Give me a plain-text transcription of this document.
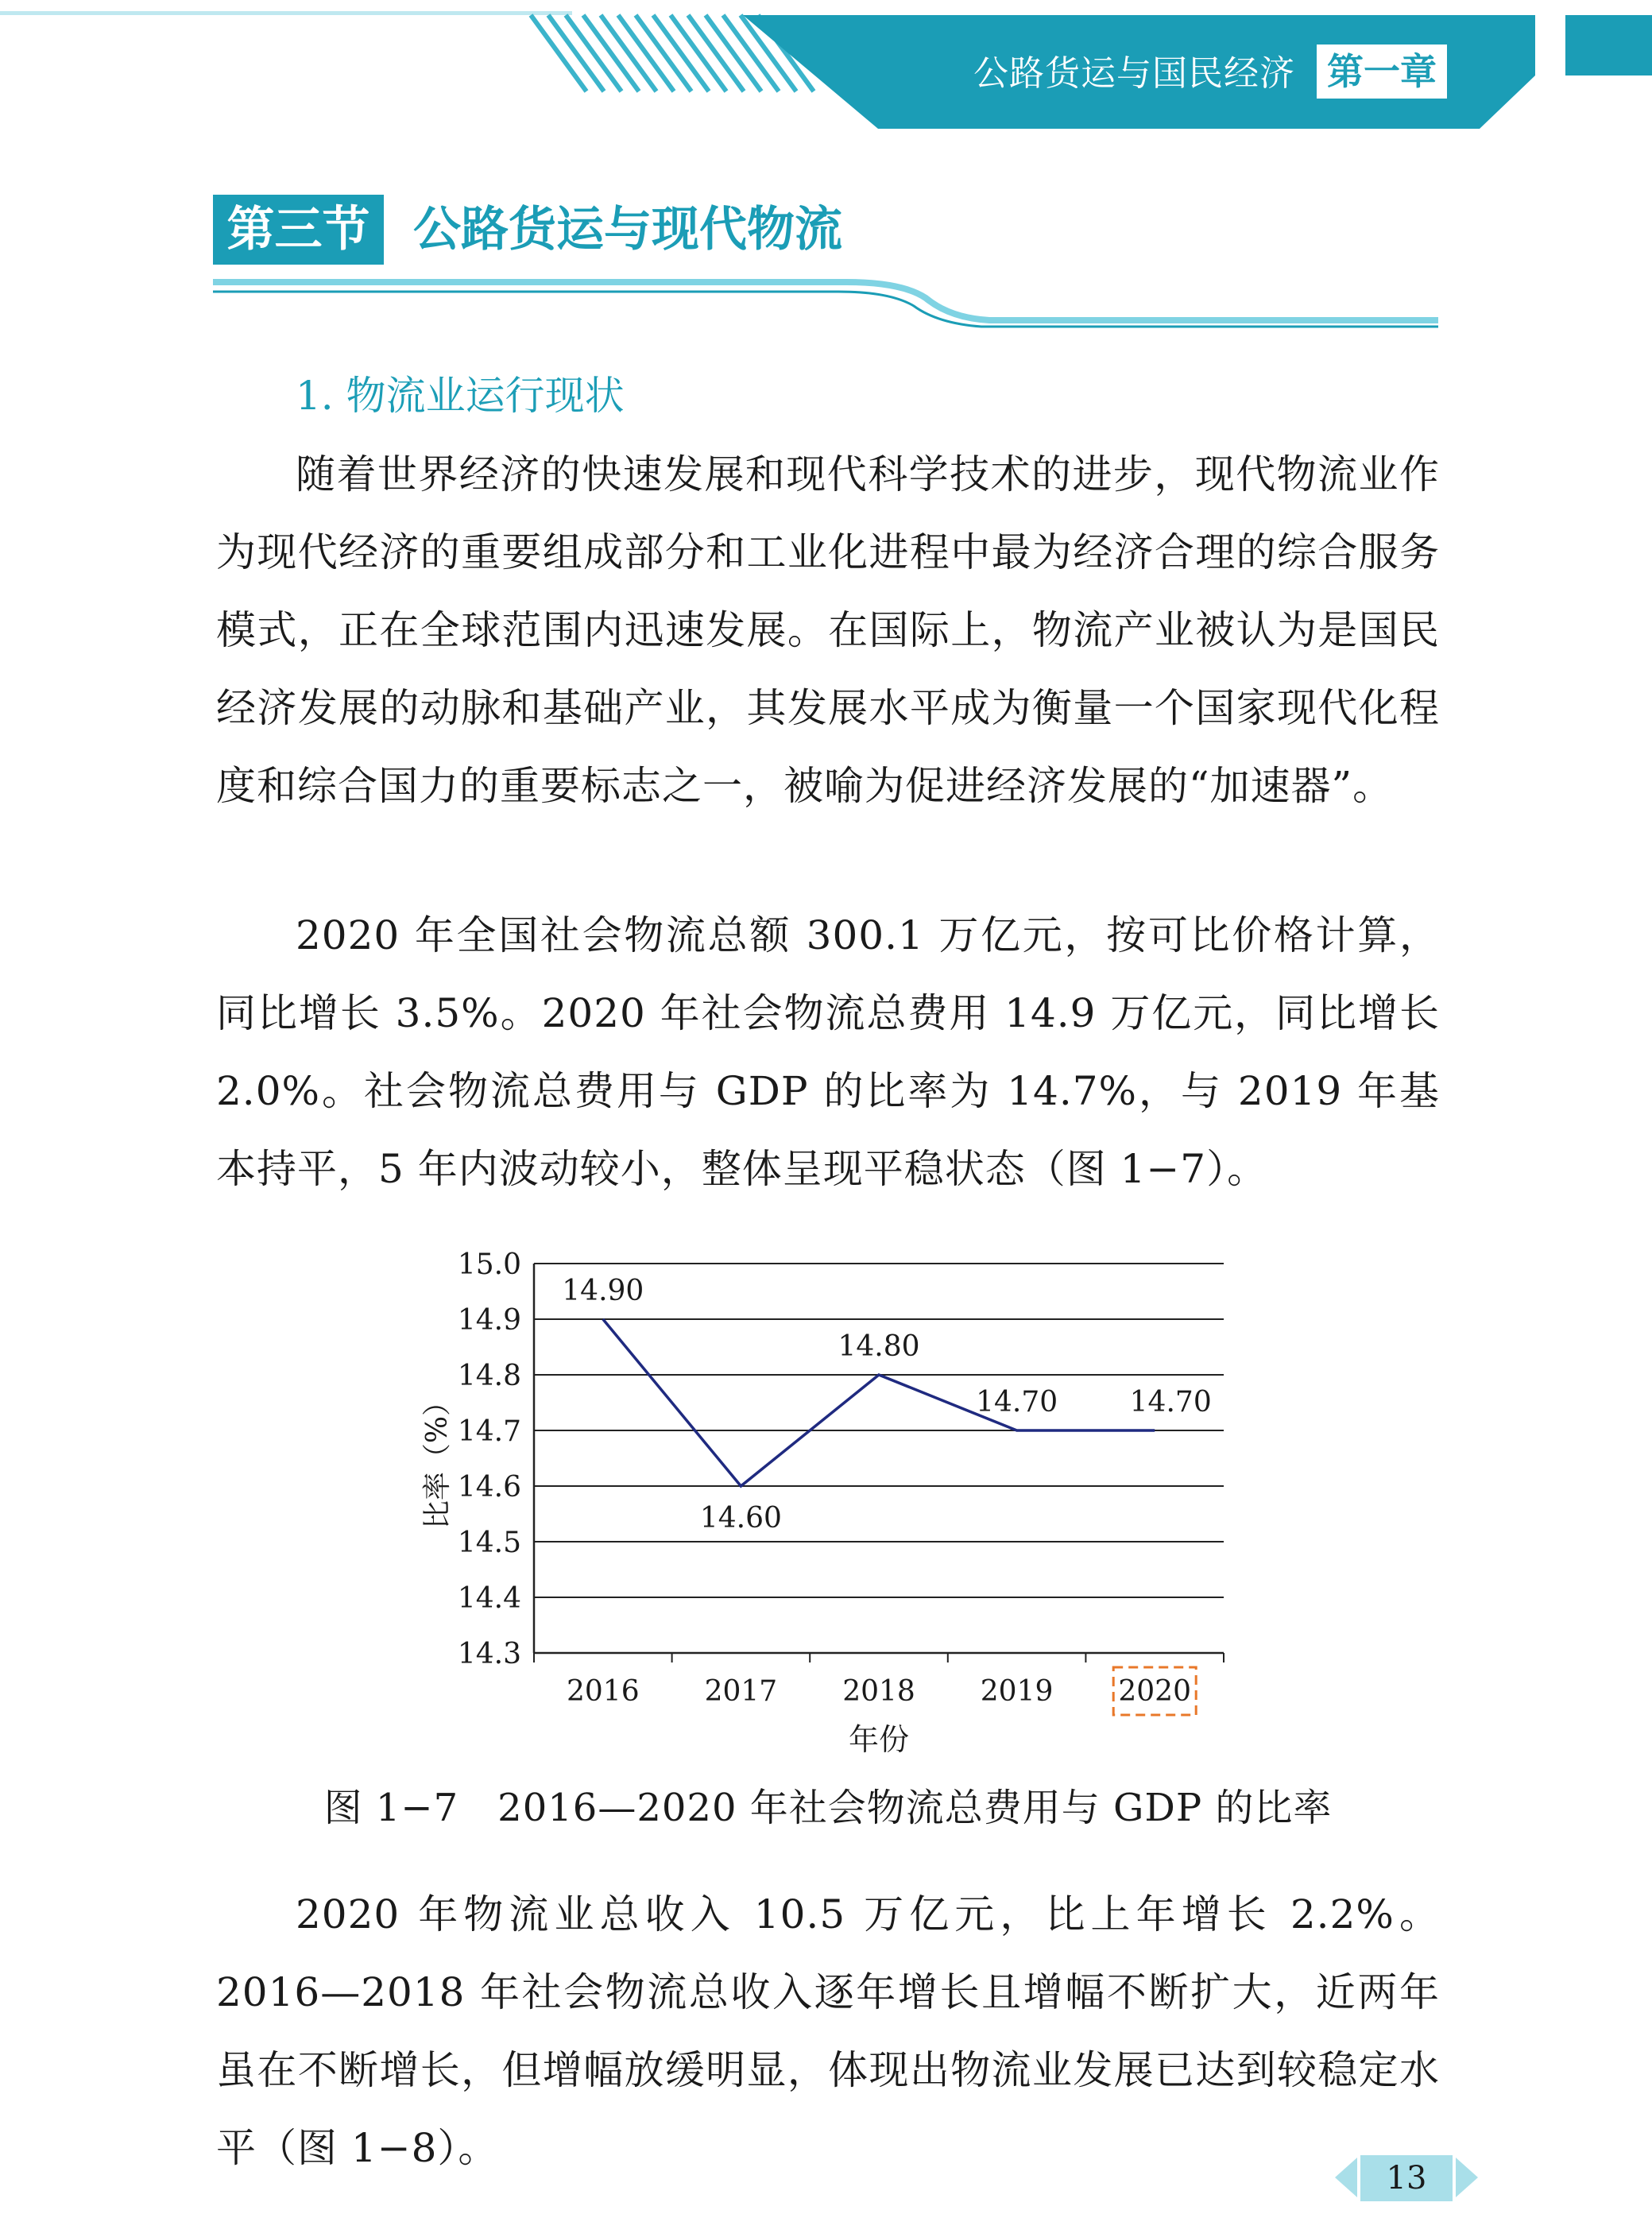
公路货运与国民经济 第一章
第三节 公路货运与现代物流
1. 物流业运行现状

随着世界经济的快速发展和现代科学技术的进步，现代物流业作为现代经济的重要组成部分和工业化进程中最为经济合理的综合服务模式，正在全球范围内迅速发展。在国际上，物流产业被认为是国民经济发展的动脉和基础产业，其发展水平成为衡量一个国家现代化程度和综合国力的重要标志之一，被喻为促进经济发展的“加速器”。

2020 年全国社会物流总额 300.1 万亿元，按可比价格计算，同比增长 3.5%。2020 年社会物流总费用 14.9 万亿元，同比增长 2.0%。社会物流总费用与 GDP 的比率为 14.7%，与 2019 年基本持平，5 年内波动较小，整体呈现平稳状态（图 1−7）。

14.3
14.4
14.5
14.6
14.7
14.8
14.9
15.0
2016 2017 2018 2019 2020
14.90
14.60
14.80
14.70	14.70
年份
比率（%）
图 1−7　2016—2020 年社会物流总费用与 GDP 的比率

2020 年物流业总收入 10.5 万亿元，比上年增长 2.2%。2016—2018 年社会物流总收入逐年增长且增幅不断扩大，近两年虽在不断增长，但增幅放缓明显，体现出物流业发展已达到较稳定水平（图 1−8）。

13
